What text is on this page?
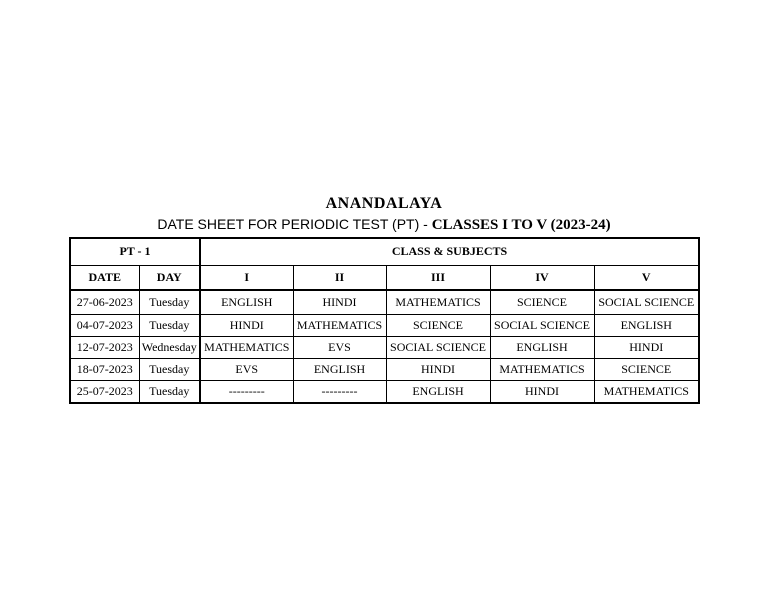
ANANDALAYA
DATE SHEET FOR PERIODIC TEST (PT) - CLASSES I TO V (2023-24)
PT - 1		CLASS & SUBJECTS				
DATE	DAY	I	II	III	IV	V
27-06-2023	Tuesday	ENGLISH	HINDI	MATHEMATICS	SCIENCE	SOCIAL SCIENCE
04-07-2023	Tuesday	HINDI	MATHEMATICS	SCIENCE	SOCIAL SCIENCE	ENGLISH
12-07-2023	Wednesday	MATHEMATICS	EVS	SOCIAL SCIENCE	ENGLISH	HINDI
18-07-2023	Tuesday	EVS	ENGLISH	HINDI	MATHEMATICS	SCIENCE
25-07-2023	Tuesday	---------	---------	ENGLISH	HINDI	MATHEMATICS
